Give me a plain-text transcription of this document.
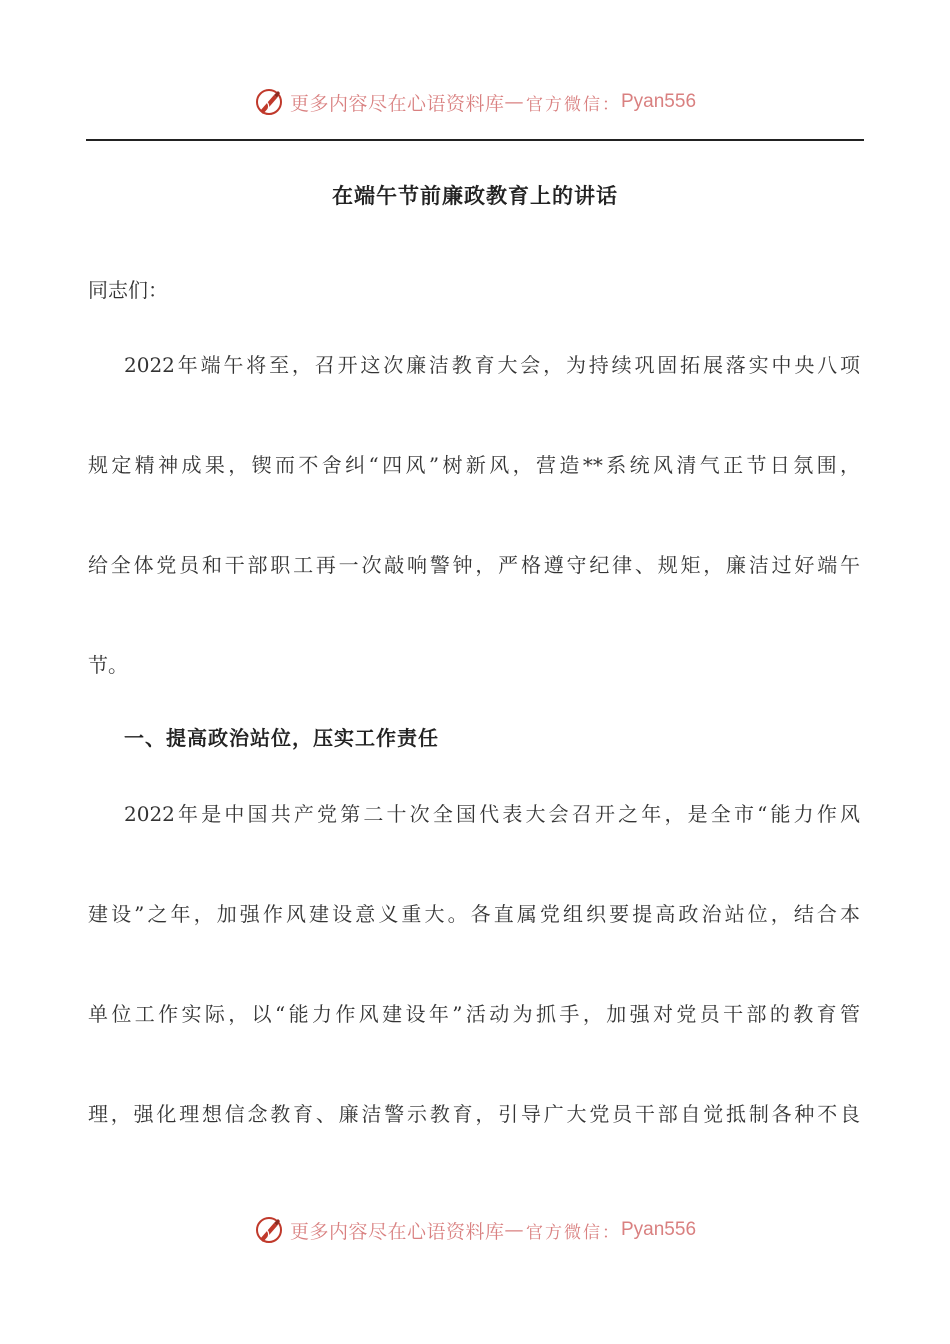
更多内容尽在心语资料库 — 官方微信： Pyan556
在端午节前廉政教育上的讲话
同志们：
2022年端午将至，召开这次廉洁教育大会，为持续巩固拓展落实中央八项
规定精神成果，锲而不舍纠“四风”树新风，营造**系统风清气正节日氛围，
给全体党员和干部职工再一次敲响警钟，严格遵守纪律、规矩，廉洁过好端午
节。
一、提高政治站位，压实工作责任
2022年是中国共产党第二十次全国代表大会召开之年，是全市“能力作风
建设”之年，加强作风建设意义重大。各直属党组织要提高政治站位，结合本
单位工作实际，以“能力作风建设年”活动为抓手，加强对党员干部的教育管
理，强化理想信念教育、廉洁警示教育，引导广大党员干部自觉抵制各种不良
更多内容尽在心语资料库 — 官方微信： Pyan556
